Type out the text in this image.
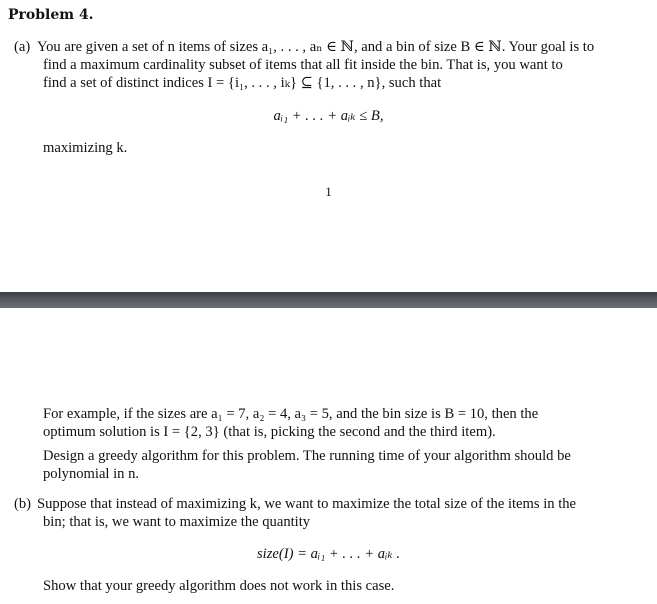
Problem 4.
(a) You are given a set of n items of sizes a₁, . . . , aₙ ∈ ℕ, and a bin of size B ∈ ℕ. Your goal is to
find a maximum cardinality subset of items that all fit inside the bin. That is, you want to
find a set of distinct indices I = {i₁, . . . , iₖ} ⊆ {1, . . . , n}, such that
aᵢ₁ + . . . + aᵢₖ ≤ B,
maximizing k.
1
For example, if the sizes are a₁ = 7, a₂ = 4, a₃ = 5, and the bin size is B = 10, then the
optimum solution is I = {2, 3} (that is, picking the second and the third item).
Design a greedy algorithm for this problem. The running time of your algorithm should be
polynomial in n.
(b) Suppose that instead of maximizing k, we want to maximize the total size of the items in the
bin; that is, we want to maximize the quantity
size(I) = aᵢ₁ + . . . + aᵢₖ .
Show that your greedy algorithm does not work in this case.
